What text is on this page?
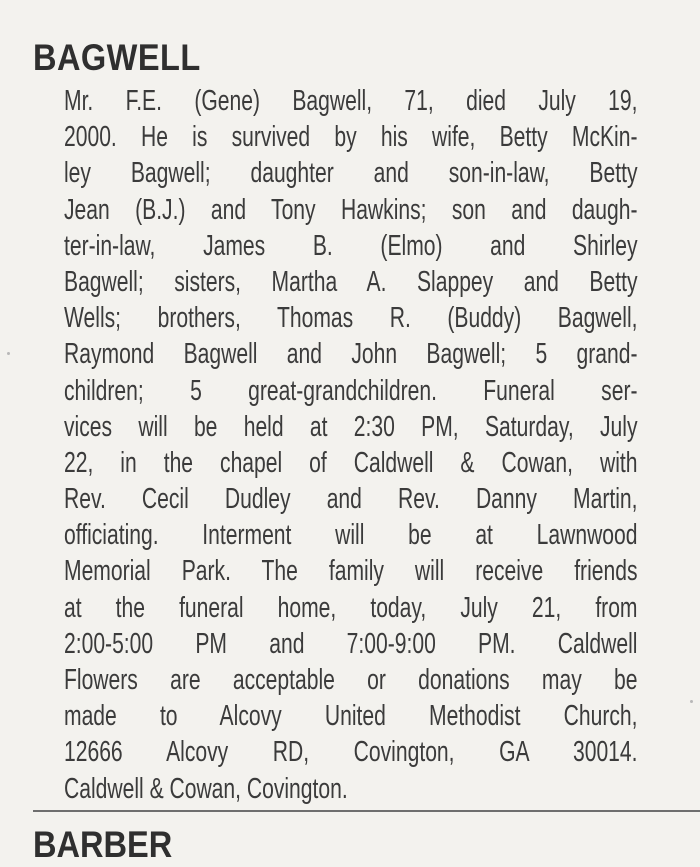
BAGWELL
Mr. F.E. (Gene) Bagwell, 71, died July 19,
2000. He is survived by his wife, Betty McKin-
ley Bagwell; daughter and son-in-law, Betty
Jean (B.J.) and Tony Hawkins; son and daugh-
ter-in-law, James B. (Elmo) and Shirley
Bagwell; sisters, Martha A. Slappey and Betty
Wells; brothers, Thomas R. (Buddy) Bagwell,
Raymond Bagwell and John Bagwell; 5 grand-
children; 5 great-grandchildren. Funeral ser-
vices will be held at 2:30 PM, Saturday, July
22, in the chapel of Caldwell & Cowan, with
Rev. Cecil Dudley and Rev. Danny Martin,
officiating. Interment will be at Lawnwood
Memorial Park. The family will receive friends
at the funeral home, today, July 21, from
2:00-5:00 PM and 7:00-9:00 PM. Caldwell
Flowers are acceptable or donations may be
made to Alcovy United Methodist Church,
12666 Alcovy RD, Covington, GA 30014.
Caldwell & Cowan, Covington.
BARBER
